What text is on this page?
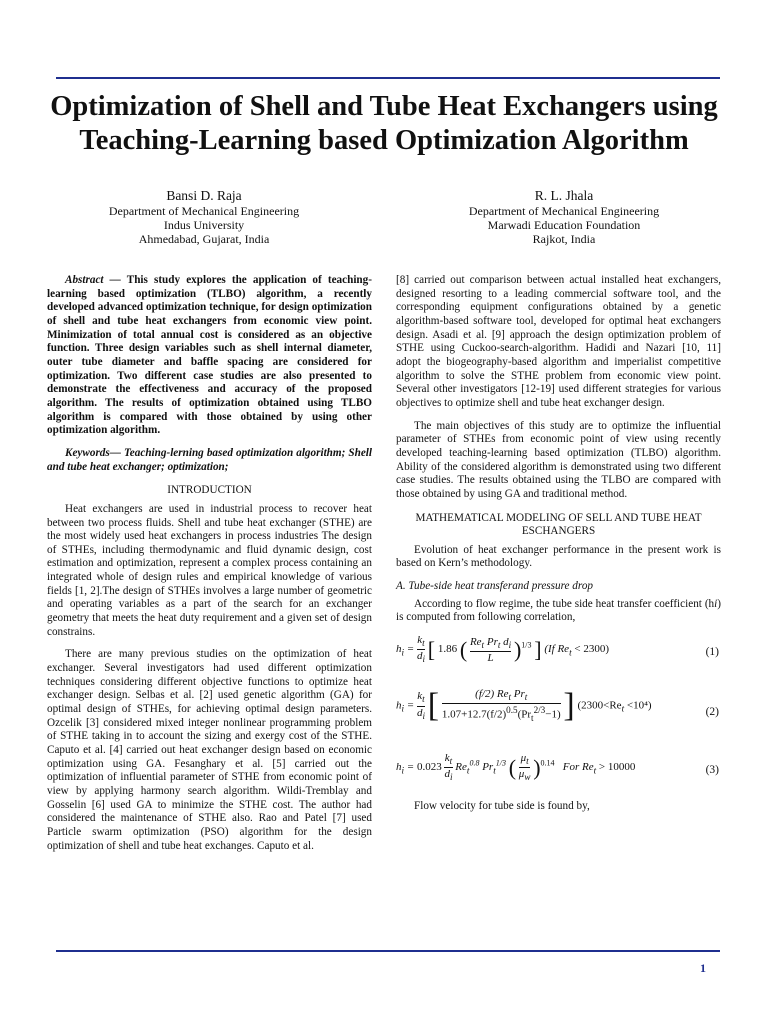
Optimization of Shell and Tube Heat Exchangers using Teaching-Learning based Optimization Algorithm
Bansi D. Raja
Department of Mechanical Engineering
Indus University
Ahmedabad, Gujarat, India
R. L. Jhala
Department of Mechanical Engineering
Marwadi Education Foundation
Rajkot, India

Abstract — This study explores the application of teaching-learning based optimization (TLBO) algorithm, a recently developed advanced optimization technique, for design optimization of shell and tube heat exchangers from economic view point. Minimization of total annual cost is considered as an objective function. Three design variables such as shell internal diameter, outer tube diameter and baffle spacing are considered for optimization. Two different case studies are also presented to demonstrate the effectiveness and accuracy of the proposed algorithm. The results of optimization obtained using TLBO algorithm is compared with those obtained by using other optimization algorithm.

Keywords— Teaching-lerning based optimization algorithm; Shell and tube heat exchanger; optimization;

INTRODUCTION

Heat exchangers are used in industrial process to recover heat between two process fluids. Shell and tube heat exchanger (STHE) are the most widely used heat exchangers in process industries The design of STHEs, including thermodynamic and fluid dynamic design, cost estimation and optimization, represent a complex process containing an integrated whole of design rules and empirical knowledge of various fields [1, 2].The design of STHEs involves a large number of geometric and operating variables as a part of the search for an exchanger geometry that meets the heat duty requirement and a given set of design constrains.

There are many previous studies on the optimization of heat exchanger. Several investigators had used different optimization techniques considering different objective functions to optimize heat exchanger design. Selbas et al. [2] used genetic algorithm (GA) for optimal design of STHEs, for achieving optimal design parameters. Ozcelik [3] considered mixed integer nonlinear programming problem of STHE taking in to account the sizing and exergy cost of the STHE. Caputo et al. [4] carried out heat exchanger design based on economic optimization using GA. Fesanghary et al. [5] carried out the optimization of influential parameter of STHE from economic point of view by applying harmony search algorithm. Wildi-Tremblay and Gosselin [6] used GA to minimize the STHE cost. The author had considered the maintenance of STHE also. Rao and Patel [7] used Particle swarm optimization (PSO) algorithm for the design optimization of shell and tube heat exchanges. Caputo et al.

[8] carried out comparison between actual installed heat exchangers, designed resorting to a leading commercial software tool, and the corresponding equipment configurations obtained by a genetic algorithm-based software tool, developed for optimal heat exchangers design. Asadi et al. [9] approach the design optimization problem of STHE using Cuckoo-search-algorithm. Hadidi and Nazari [10, 11] adopt the biogeography-based algorithm and imperialist competitive algorithm to solve the STHE problem from economic view point. Several other investigators [12-19] used different strategies for various objectives to optimize shell and tube heat exchanger design.

The main objectives of this study are to optimize the influential parameter of STHEs from economic point of view using recently developed teaching-learning based optimization (TLBO) algorithm. Ability of the considered algorithm is demonstrated using two different case studies. The results obtained using the TLBO are compared with those obtained by using GA and traditional method.

MATHEMATICAL MODELING OF SELL AND TUBE HEAT ESCHANGERS

Evolution of heat exchanger performance in the present work is based on Kern’s methodology.

A. Tube-side heat transferand pressure drop

According to flow regime, the tube side heat transfer coefficient (hi) is computed from following correlation,

$h_i = \frac{k_t}{d_i}$ [ 1.86 ( $\frac{Re_t Pr_t d_i}{L} )^{1/3}$ ] (If $Re_t < 2300$)	(1)
$h_i = \frac{k_t}{d_i}$ [ $\frac{(f/2) Re_t Pr_t}{1.07+12.7(f/2)^{0.5}(Pr_t^{2/3}-1)}$ ] $(2300<Re_t <10^4)$
(2)
$h_i = 0.023 \frac{k_t}{d_i} Re_t^{0.8}$ $Pr_t^{1/3}$ ( $\frac{\mu_t}{\mu_w} )^{0.14}$ For $Re_t > 10000$	(3)

Flow velocity for tube side is found by,

1
